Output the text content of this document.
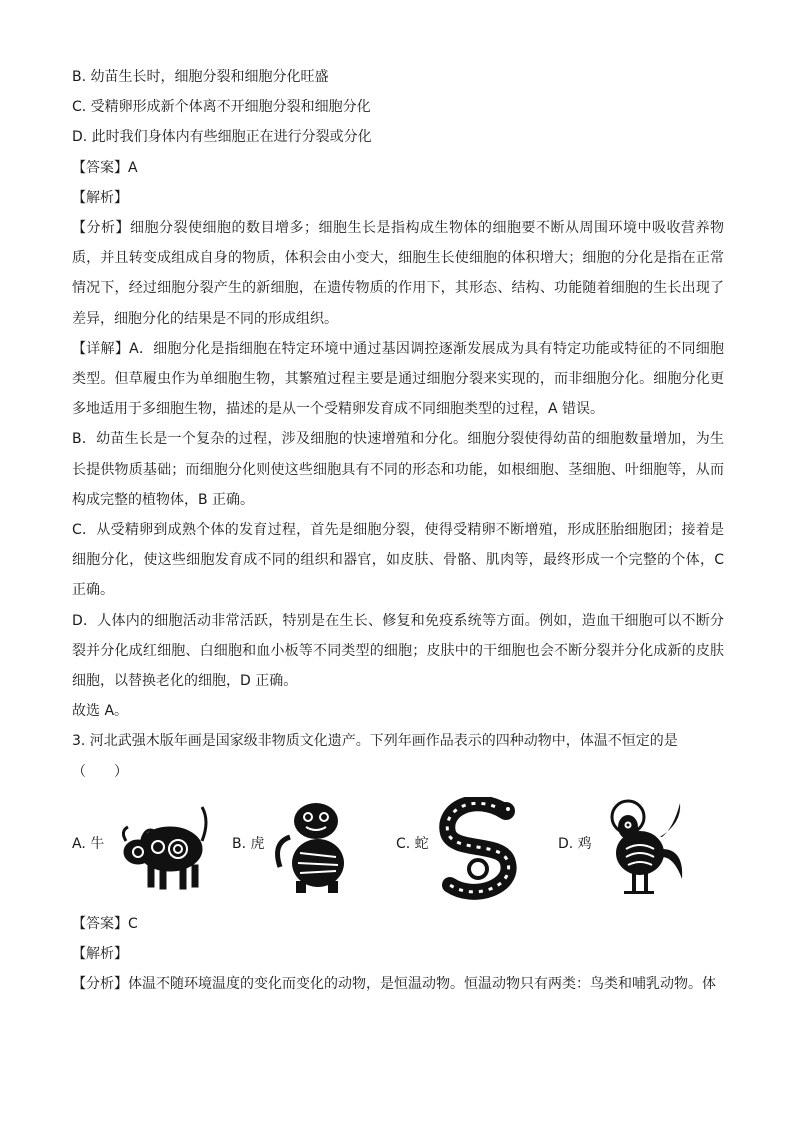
B. 幼苗生长时，细胞分裂和细胞分化旺盛
C. 受精卵形成新个体离不开细胞分裂和细胞分化
D. 此时我们身体内有些细胞正在进行分裂或分化
【答案】A
【解析】
【分析】细胞分裂使细胞的数目增多；细胞生长是指构成生物体的细胞要不断从周围环境中吸收营养物质，并且转变成组成自身的物质，体积会由小变大，细胞生长使细胞的体积增大；细胞的分化是指在正常情况下，经过细胞分裂产生的新细胞，在遗传物质的作用下，其形态、结构、功能随着细胞的生长出现了差异，细胞分化的结果是不同的形成组织。
【详解】A．细胞分化是指细胞在特定环境中通过基因调控逐渐发展成为具有特定功能或特征的不同细胞类型。但草履虫作为单细胞生物，其繁殖过程主要是通过细胞分裂来实现的，而非细胞分化。细胞分化更多地适用于多细胞生物，描述的是从一个受精卵发育成不同细胞类型的过程，A 错误。
B．幼苗生长是一个复杂的过程，涉及细胞的快速增殖和分化。细胞分裂使得幼苗的细胞数量增加，为生长提供物质基础；而细胞分化则使这些细胞具有不同的形态和功能，如根细胞、茎细胞、叶细胞等，从而构成完整的植物体，B 正确。
C．从受精卵到成熟个体的发育过程，首先是细胞分裂，使得受精卵不断增殖，形成胚胎细胞团；接着是细胞分化，使这些细胞发育成不同的组织和器官，如皮肤、骨骼、肌肉等，最终形成一个完整的个体，C 正确。
D．人体内的细胞活动非常活跃，特别是在生长、修复和免疫系统等方面。例如，造血干细胞可以不断分裂并分化成红细胞、白细胞和血小板等不同类型的细胞；皮肤中的干细胞也会不断分裂并分化成新的皮肤细胞，以替换老化的细胞，D 正确。
故选 A。
3. 河北武强木版年画是国家级非物质文化遗产。下列年画作品表示的四种动物中，体温不恒定的是
（　　）
A. 牛	B. 虎	C. 蛇	D. 鸡
【答案】C
【解析】
【分析】体温不随环境温度的变化而变化的动物，是恒温动物。恒温动物只有两类：鸟类和哺乳动物。体
